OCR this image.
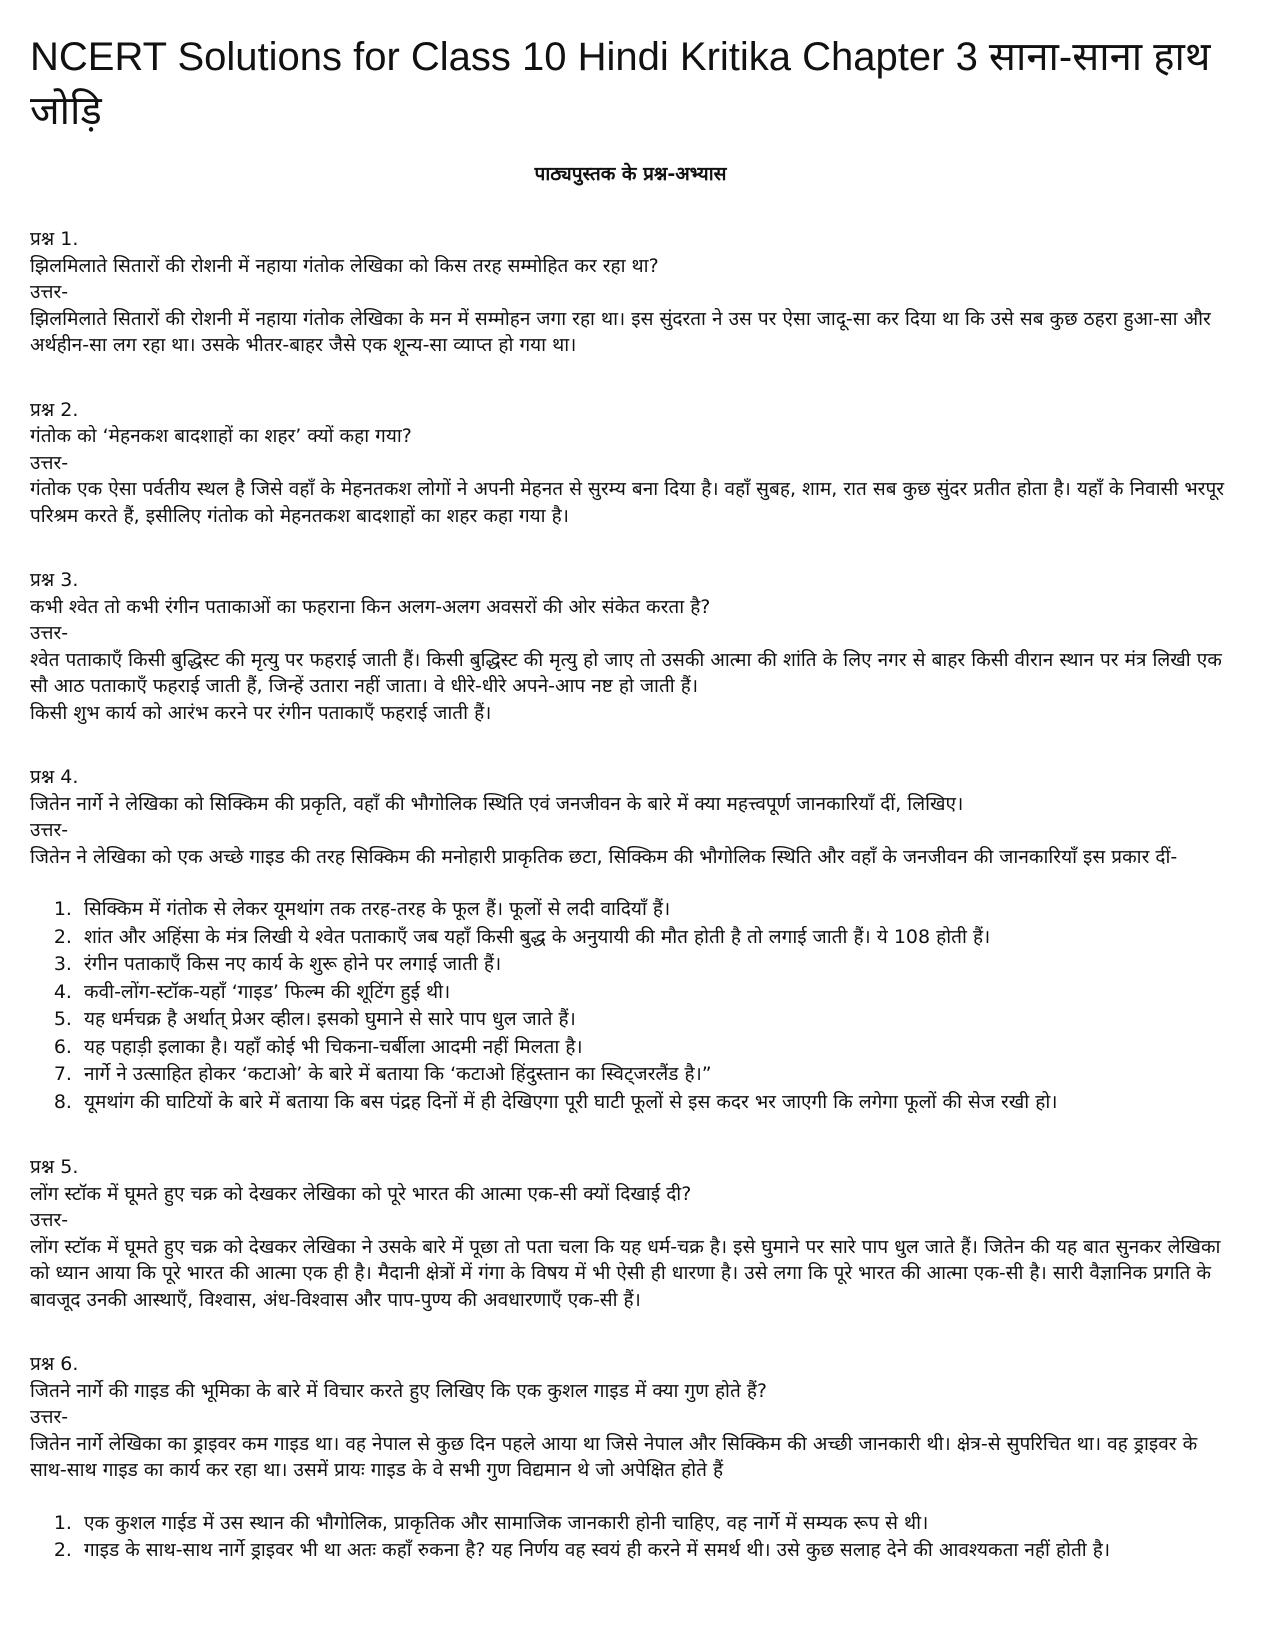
NCERT Solutions for Class 10 Hindi Kritika Chapter 3 साना-साना हाथ जोड़ि
पाठ्यपुस्तक के प्रश्न-अभ्यास

प्रश्न 1.

झिलमिलाते सितारों की रोशनी में नहाया गंतोक लेखिका को किस तरह सम्मोहित कर रहा था?

उत्तर-

झिलमिलाते सितारों की रोशनी में नहाया गंतोक लेखिका के मन में सम्मोहन जगा रहा था। इस सुंदरता ने उस पर ऐसा जादू-सा कर दिया था कि उसे सब कुछ ठहरा हुआ-सा और अर्थहीन-सा लग रहा था। उसके भीतर-बाहर जैसे एक शून्य-सा व्याप्त हो गया था।

प्रश्न 2.

गंतोक को ‘मेहनकश बादशाहों का शहर’ क्यों कहा गया?

उत्तर-

गंतोक एक ऐसा पर्वतीय स्थल है जिसे वहाँ के मेहनतकश लोगों ने अपनी मेहनत से सुरम्य बना दिया है। वहाँ सुबह, शाम, रात सब कुछ सुंदर प्रतीत होता है। यहाँ के निवासी भरपूर परिश्रम करते हैं, इसीलिए गंतोक को मेहनतकश बादशाहों का शहर कहा गया है।

प्रश्न 3.

कभी श्वेत तो कभी रंगीन पताकाओं का फहराना किन अलग-अलग अवसरों की ओर संकेत करता है?

उत्तर-

श्वेत पताकाएँ किसी बुद्धिस्ट की मृत्यु पर फहराई जाती हैं। किसी बुद्धिस्ट की मृत्यु हो जाए तो उसकी आत्मा की शांति के लिए नगर से बाहर किसी वीरान स्थान पर मंत्र लिखी एक सौ आठ पताकाएँ फहराई जाती हैं, जिन्हें उतारा नहीं जाता। वे धीरे-धीरे अपने-आप नष्ट हो जाती हैं।

किसी शुभ कार्य को आरंभ करने पर रंगीन पताकाएँ फहराई जाती हैं।

प्रश्न 4.

जितेन नार्गे ने लेखिका को सिक्किम की प्रकृति, वहाँ की भौगोलिक स्थिति एवं जनजीवन के बारे में क्या महत्त्वपूर्ण जानकारियाँ दीं, लिखिए।

उत्तर-

जितेन ने लेखिका को एक अच्छे गाइड की तरह सिक्किम की मनोहारी प्राकृतिक छटा, सिक्किम की भौगोलिक स्थिति और वहाँ के जनजीवन की जानकारियाँ इस प्रकार दीं-

1. सिक्किम में गंतोक से लेकर यूमथांग तक तरह-तरह के फूल हैं। फूलों से लदी वादियाँ हैं।
2. शांत और अहिंसा के मंत्र लिखी ये श्वेत पताकाएँ जब यहाँ किसी बुद्ध के अनुयायी की मौत होती है तो लगाई जाती हैं। ये 108 होती हैं।
3. रंगीन पताकाएँ किस नए कार्य के शुरू होने पर लगाई जाती हैं।
4. कवी-लोंग-स्टॉक-यहाँ ‘गाइड’ फिल्म की शूटिंग हुई थी।
5. यह धर्मचक्र है अर्थात् प्रेअर व्हील। इसको घुमाने से सारे पाप धुल जाते हैं।
6. यह पहाड़ी इलाका है। यहाँ कोई भी चिकना-चर्बीला आदमी नहीं मिलता है।
7. नार्गे ने उत्साहित होकर ‘कटाओ’ के बारे में बताया कि ‘कटाओ हिंदुस्तान का स्विट्जरलैंड है।”
8. यूमथांग की घाटियों के बारे में बताया कि बस पंद्रह दिनों में ही देखिएगा पूरी घाटी फूलों से इस कदर भर जाएगी कि लगेगा फूलों की सेज रखी हो।

प्रश्न 5.

लोंग स्टॉक में घूमते हुए चक्र को देखकर लेखिका को पूरे भारत की आत्मा एक-सी क्यों दिखाई दी?

उत्तर-

लोंग स्टॉक में घूमते हुए चक्र को देखकर लेखिका ने उसके बारे में पूछा तो पता चला कि यह धर्म-चक्र है। इसे घुमाने पर सारे पाप धुल जाते हैं। जितेन की यह बात सुनकर लेखिका को ध्यान आया कि पूरे भारत की आत्मा एक ही है। मैदानी क्षेत्रों में गंगा के विषय में भी ऐसी ही धारणा है। उसे लगा कि पूरे भारत की आत्मा एक-सी है। सारी वैज्ञानिक प्रगति के बावजूद उनकी आस्थाएँ, विश्वास, अंध-विश्वास और पाप-पुण्य की अवधारणाएँ एक-सी हैं।

प्रश्न 6.

जितने नार्गे की गाइड की भूमिका के बारे में विचार करते हुए लिखिए कि एक कुशल गाइड में क्या गुण होते हैं?

उत्तर-

जितेन नार्गे लेखिका का ड्राइवर कम गाइड था। वह नेपाल से कुछ दिन पहले आया था जिसे नेपाल और सिक्किम की अच्छी जानकारी थी। क्षेत्र-से सुपरिचित था। वह ड्राइवर के साथ-साथ गाइड का कार्य कर रहा था। उसमें प्रायः गाइड के वे सभी गुण विद्यमान थे जो अपेक्षित होते हैं

1. एक कुशल गाईड में उस स्थान की भौगोलिक, प्राकृतिक और सामाजिक जानकारी होनी चाहिए, वह नार्गे में सम्यक रूप से थी।
2. गाइड के साथ-साथ नार्गे ड्राइवर भी था अतः कहाँ रुकना है? यह निर्णय वह स्वयं ही करने में समर्थ थी। उसे कुछ सलाह देने की आवश्यकता नहीं होती है।
